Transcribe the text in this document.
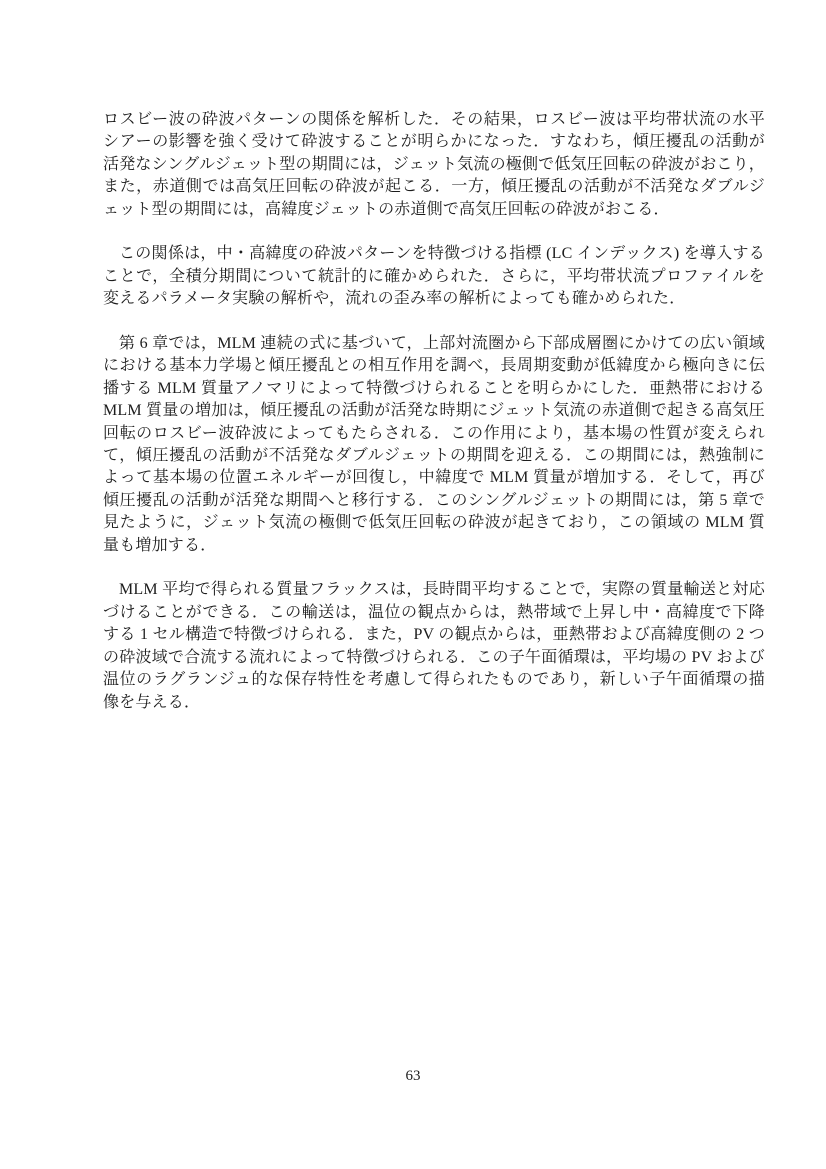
ロスビー波の砕波パターンの関係を解析した．その結果，ロスビー波は平均帯状流の水平シアーの影響を強く受けて砕波することが明らかになった．すなわち，傾圧擾乱の活動が活発なシングルジェット型の期間には，ジェット気流の極側で低気圧回転の砕波がおこり，また，赤道側では高気圧回転の砕波が起こる．一方，傾圧擾乱の活動が不活発なダブルジェット型の期間には，高緯度ジェットの赤道側で高気圧回転の砕波がおこる．

この関係は，中・高緯度の砕波パターンを特徴づける指標 (LC インデックス) を導入することで，全積分期間について統計的に確かめられた．さらに，平均帯状流プロファイルを変えるパラメータ実験の解析や，流れの歪み率の解析によっても確かめられた．

第 6 章では，MLM 連続の式に基づいて，上部対流圏から下部成層圏にかけての広い領域における基本力学場と傾圧擾乱との相互作用を調べ，長周期変動が低緯度から極向きに伝播する MLM 質量アノマリによって特徴づけられることを明らかにした．亜熱帯における MLM 質量の増加は，傾圧擾乱の活動が活発な時期にジェット気流の赤道側で起きる高気圧回転のロスビー波砕波によってもたらされる．この作用により，基本場の性質が変えられて，傾圧擾乱の活動が不活発なダブルジェットの期間を迎える．この期間には，熱強制によって基本場の位置エネルギーが回復し，中緯度で MLM 質量が増加する．そして，再び傾圧擾乱の活動が活発な期間へと移行する．このシングルジェットの期間には，第 5 章で見たように，ジェット気流の極側で低気圧回転の砕波が起きており，この領域の MLM 質量も増加する．

MLM 平均で得られる質量フラックスは，長時間平均することで，実際の質量輸送と対応づけることができる．この輸送は，温位の観点からは，熱帯域で上昇し中・高緯度で下降する 1 セル構造で特徴づけられる．また，PV の観点からは，亜熱帯および高緯度側の 2 つの砕波域で合流する流れによって特徴づけられる．この子午面循環は，平均場の PV および温位のラグランジュ的な保存特性を考慮して得られたものであり，新しい子午面循環の描像を与える．

63
